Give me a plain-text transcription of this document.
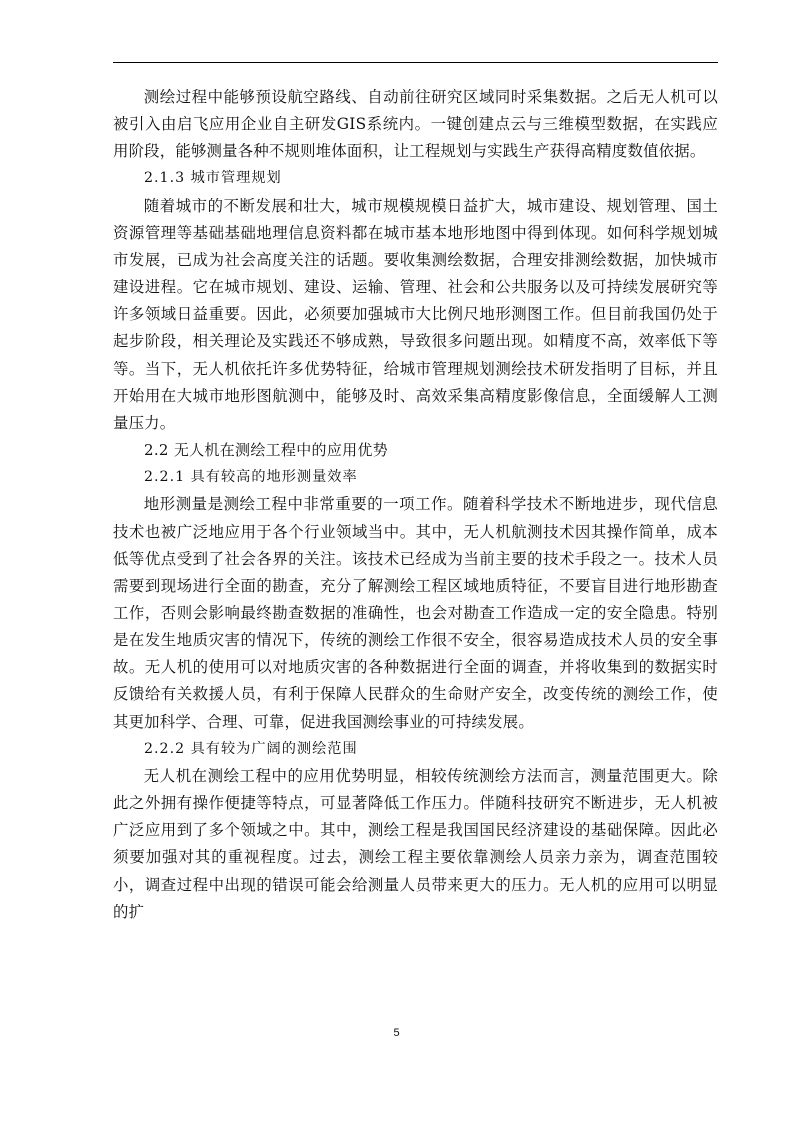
测绘过程中能够预设航空路线、自动前往研究区域同时采集数据。之后无人机可以被引入由启飞应用企业自主研发GIS系统内。一键创建点云与三维模型数据，在实践应用阶段，能够测量各种不规则堆体面积，让工程规划与实践生产获得高精度数值依据。

2.1.3 城市管理规划

随着城市的不断发展和壮大，城市规模规模日益扩大，城市建设、规划管理、国土资源管理等基础基础地理信息资料都在城市基本地形地图中得到体现。如何科学规划城市发展，已成为社会高度关注的话题。要收集测绘数据，合理安排测绘数据，加快城市建设进程。它在城市规划、建设、运输、管理、社会和公共服务以及可持续发展研究等许多领域日益重要。因此，必须要加强城市大比例尺地形测图工作。但目前我国仍处于起步阶段，相关理论及实践还不够成熟，导致很多问题出现。如精度不高，效率低下等等。当下，无人机依托许多优势特征，给城市管理规划测绘技术研发指明了目标，并且开始用在大城市地形图航测中，能够及时、高效采集高精度影像信息，全面缓解人工测量压力。

2.2 无人机在测绘工程中的应用优势

2.2.1 具有较高的地形测量效率

地形测量是测绘工程中非常重要的一项工作。随着科学技术不断地进步，现代信息技术也被广泛地应用于各个行业领域当中。其中，无人机航测技术因其操作简单，成本低等优点受到了社会各界的关注。该技术已经成为当前主要的技术手段之一。技术人员需要到现场进行全面的勘查，充分了解测绘工程区域地质特征，不要盲目进行地形勘查工作，否则会影响最终勘查数据的准确性，也会对勘查工作造成一定的安全隐患。特别是在发生地质灾害的情况下，传统的测绘工作很不安全，很容易造成技术人员的安全事故。无人机的使用可以对地质灾害的各种数据进行全面的调查，并将收集到的数据实时反馈给有关救援人员，有利于保障人民群众的生命财产安全，改变传统的测绘工作，使其更加科学、合理、可靠，促进我国测绘事业的可持续发展。

2.2.2 具有较为广阔的测绘范围

无人机在测绘工程中的应用优势明显，相较传统测绘方法而言，测量范围更大。除此之外拥有操作便捷等特点，可显著降低工作压力。伴随科技研究不断进步，无人机被广泛应用到了多个领域之中。其中，测绘工程是我国国民经济建设的基础保障。因此必须要加强对其的重视程度。过去，测绘工程主要依靠测绘人员亲力亲为，调查范围较小，调查过程中出现的错误可能会给测量人员带来更大的压力。无人机的应用可以明显的扩

5
